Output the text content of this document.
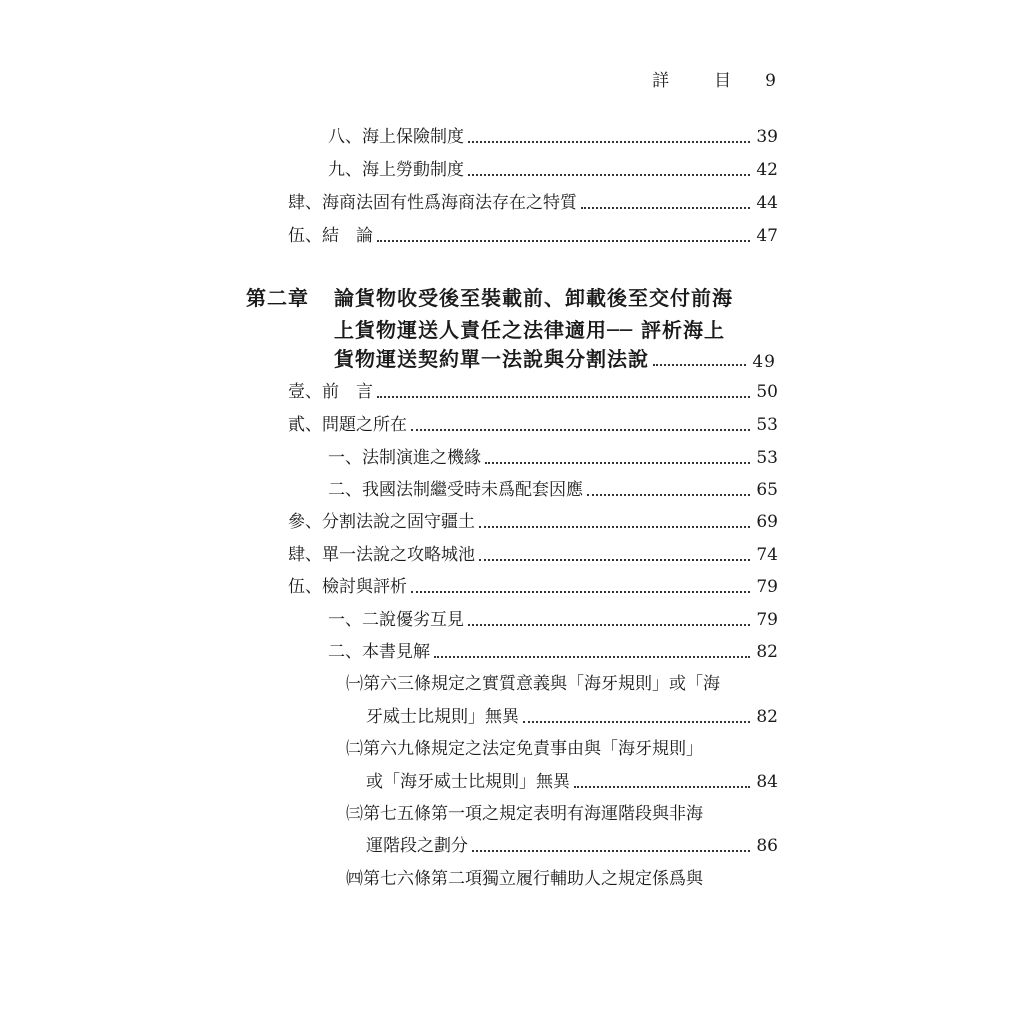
詳　目 9
八、海上保險制度	39
九、海上勞動制度	42
肆、海商法固有性爲海商法存在之特質	44
伍、結　論	47
第二章 論貨物收受後至裝載前、卸載後至交付前海
上貨物運送人責任之法律適用── 評析海上
貨物運送契約單一法說與分割法說	49
壹、前　言	50
貳、問題之所在	53
一、法制演進之機緣	53
二、我國法制繼受時未爲配套因應	65
參、分割法說之固守疆土	69
肆、單一法說之攻略城池	74
伍、檢討與評析	79
一、二說優劣互見	79
二、本書見解	82
㈠第六三條規定之實質意義與「海牙規則」或「海
牙威士比規則」無異	82
㈡第六九條規定之法定免責事由與「海牙規則」
或「海牙威士比規則」無異	84
㈢第七五條第一項之規定表明有海運階段與非海
運階段之劃分	86
㈣第七六條第二項獨立履行輔助人之規定係爲與
